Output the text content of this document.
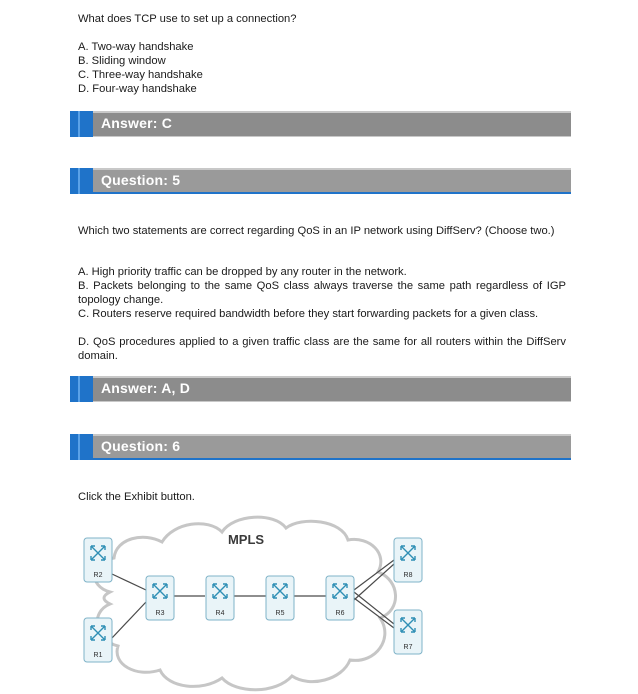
What does TCP use to set up a connection?
A. Two-way handshake
B. Sliding window
C. Three-way handshake
D. Four-way handshake
Answer: C
Question: 5
Which two statements are correct regarding QoS in an IP network using DiffServ? (Choose two.)
A. High priority traffic can be dropped by any router in the network.
B. Packets belonging to the same QoS class always traverse the same path regardless of IGP topology change.
C. Routers reserve required bandwidth before they start forwarding packets for a given class.
D. QoS procedures applied to a given traffic class are the same for all routers within the DiffServ domain.
Answer: A, D
Question: 6
Click the Exhibit button.
MPLS
R2
R1
R3	R4	R5	R6
R8
R7
